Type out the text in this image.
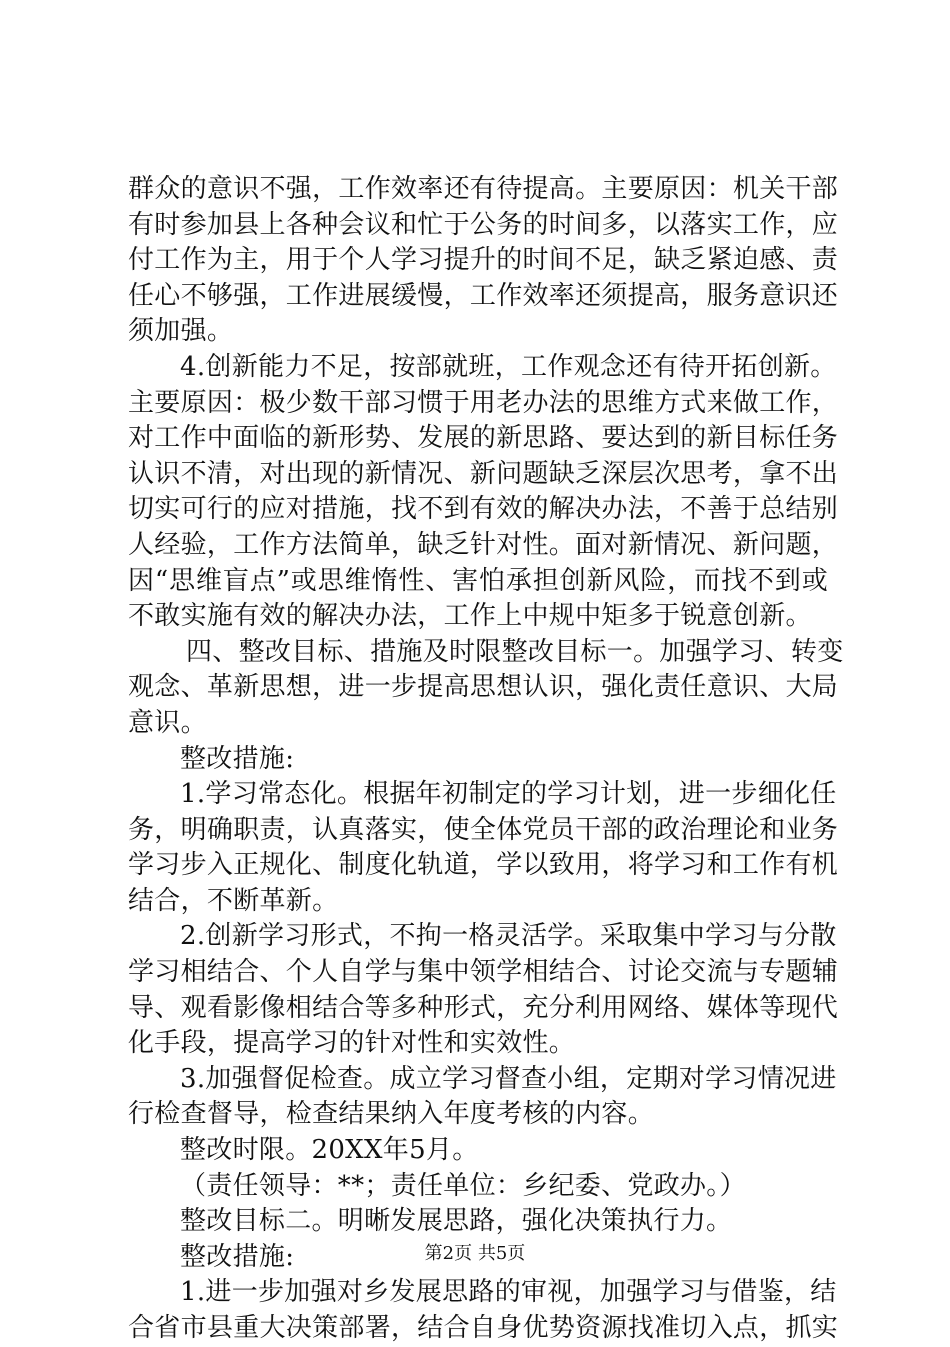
群众的意识不强，工作效率还有待提高。主要原因：机关干部
有时参加县上各种会议和忙于公务的时间多，以落实工作，应
付工作为主，用于个人学习提升的时间不足，缺乏紧迫感、责
任心不够强，工作进展缓慢，工作效率还须提高，服务意识还
须加强。
4.创新能力不足，按部就班，工作观念还有待开拓创新。
主要原因：极少数干部习惯于用老办法的思维方式来做工作，
对工作中面临的新形势、发展的新思路、要达到的新目标任务
认识不清，对出现的新情况、新问题缺乏深层次思考，拿不出
切实可行的应对措施，找不到有效的解决办法，不善于总结别
人经验，工作方法简单，缺乏针对性。面对新情况、新问题，
因“思维盲点”或思维惰性、害怕承担创新风险，而找不到或
不敢实施有效的解决办法，工作上中规中矩多于锐意创新。
四、整改目标、措施及时限整改目标一。加强学习、转变
观念、革新思想，进一步提高思想认识，强化责任意识、大局
意识。
整改措施:
1.学习常态化。根据年初制定的学习计划，进一步细化任
务，明确职责，认真落实，使全体党员干部的政治理论和业务
学习步入正规化、制度化轨道，学以致用，将学习和工作有机
结合，不断革新。
2.创新学习形式，不拘一格灵活学。采取集中学习与分散
学习相结合、个人自学与集中领学相结合、讨论交流与专题辅
导、观看影像相结合等多种形式，充分利用网络、媒体等现代
化手段，提高学习的针对性和实效性。
3.加强督促检查。成立学习督查小组，定期对学习情况进
行检查督导，检查结果纳入年度考核的内容。
整改时限。20XX年5月。
（责任领导：**；责任单位：乡纪委、党政办。）
整改目标二。明晰发展思路，强化决策执行力。
整改措施:
1.进一步加强对乡发展思路的审视，加强学习与借鉴，结
合省市县重大决策部署，结合自身优势资源找准切入点，抓实
第2页 共5页
